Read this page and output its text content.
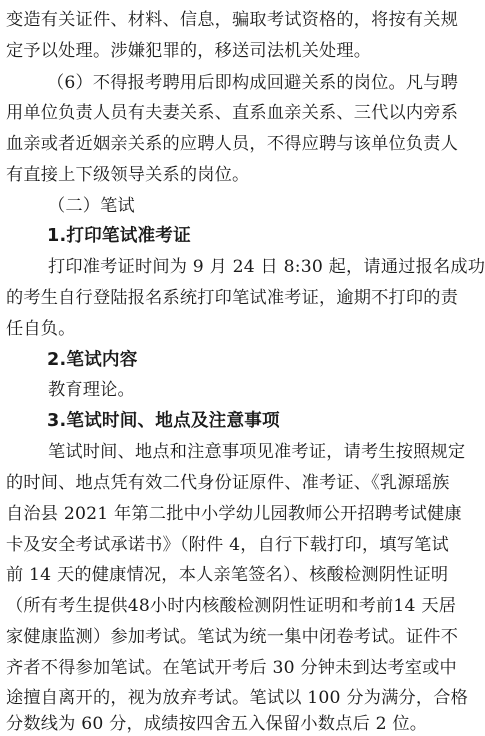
变造有关证件、材料、信息，骗取考试资格的，将按有关规
定予以处理。涉嫌犯罪的，移送司法机关处理。
（6）不得报考聘用后即构成回避关系的岗位。凡与聘
用单位负责人员有夫妻关系、直系血亲关系、三代以内旁系
血亲或者近姻亲关系的应聘人员，不得应聘与该单位负责人
有直接上下级领导关系的岗位。
（二）笔试
1.打印笔试准考证
打印准考证时间为 9 月 24 日 8:30 起，请通过报名成功
的考生自行登陆报名系统打印笔试准考证，逾期不打印的责
任自负。
2.笔试内容
教育理论。
3.笔试时间、地点及注意事项
笔试时间、地点和注意事项见准考证，请考生按照规定
的时间、地点凭有效二代身份证原件、准考证、《乳源瑶族
自治县 2021 年第二批中小学幼儿园教师公开招聘考试健康
卡及安全考试承诺书》（附件 4，自行下载打印，填写笔试
前 14 天的健康情况，本人亲笔签名）、核酸检测阴性证明
（所有考生提供48小时内核酸检测阴性证明和考前14 天居
家健康监测）参加考试。笔试为统一集中闭卷考试。证件不
齐者不得参加笔试。在笔试开考后 30 分钟未到达考室或中
途擅自离开的，视为放弃考试。笔试以 100 分为满分，合格
分数线为 60 分，成绩按四舍五入保留小数点后 2 位。
